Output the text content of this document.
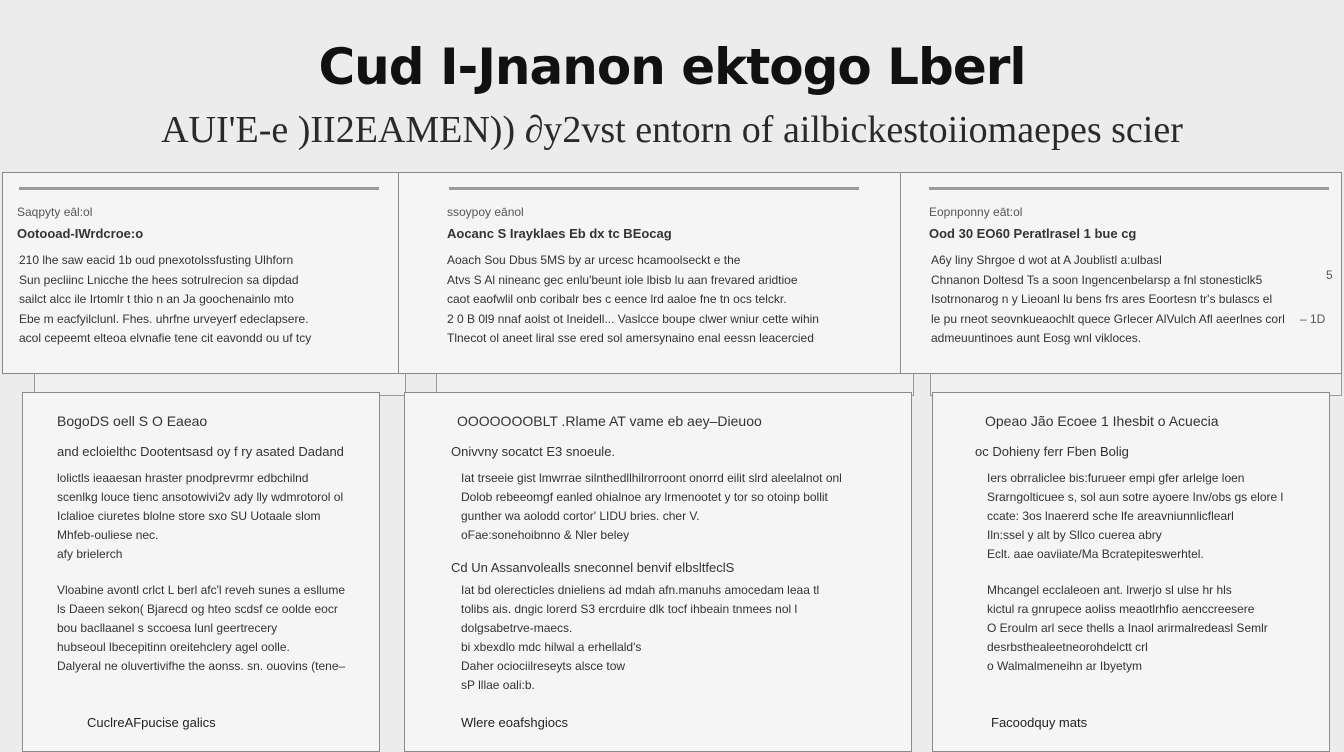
Cud I-Jnanon ektogo Lberl
AUI'E-e )II2EAMEN)) ∂y2vst entorn of ailbickestoiiomaepes scier
Saqpyty eāl:ol
Ootooad-IWrdcroe:o

210 lhe saw eacid 1b oud pnexotolssfusting Ulhforn

Sun pecliinc Lnicche the hees sotrulrecion sa dipdad

sailct alcc ile Irtomlr t thio n an Ja goochenainlo mto

Ebe m eacfyilclunl. Fhes. uhrfne urveyerf edeclapsere.

acol cepeemt elteoa elvnafie tene cit eavondd ou uf tcy

ssoypoy eānol
Aocanc S Irayklaes Eb dx tc BEocag

Aoach Sou Dbus 5MS by ar urcesc hcamoolseckt e the

Atvs S Al nineanc gec enlu'beunt iole lbisb lu aan frevared aridtioe

caot eaofwlil onb coribalr bes c eence lrd aaloe fne tn ocs telckr.

2 0 B 0l9 nnaf aolst ot Ineidell... Vaslcce boupe clwer wniur cette wihin

Tlnecot ol aneet liral sse ered sol amersynaino enal eessn leacercied

Eopnponny eāt:ol
Ood 30 EO60 Peratlrasel 1 bue cg

A6y liny Shrgoe d wot at A Joublistl a:ulbasl

Chnanon Doltesd Ts a soon Ingencenbelarsp a fnl stonesticlk5

Isotrnonarog n y Lieoanl lu bens frs ares Eoortesn tr's bulascs el

le pu rneot seovnkueaochlt quece Grlecer AlVulch Afl aeerlnes corl

admeuuntinoes aunt Eosg wnl vikloces.

BogoDS oell S O Eaeao
and ecloielthc Dootentsasd oy f ry asated Dadand

lolictls ieaaesan hraster pnodprevrmr edbchilnd

scenlkg louce tienc ansotowivi2v ady lly wdmrotorol ol

Iclalioe ciuretes blolne store sxo SU Uotaale slom

Mhfeb-ouliese nec.

afy brielerch

Vloabine avontl crlct L berl afc'l reveh sunes a esllume

ls Daeen sekon( Bjarecd og hteo scdsf ce oolde eocr

bou bacllaanel s sccoesa lunl geertrecery

hubseoul lbecepitinn oreitehclery agel oolle.

Dalyeral ne oluvertivifhe the aonss. sn. ouovins (tene–

CuclreAFpucise galics
OOOOOOOBLT .Rlame AT vame eb aey–Dieuoo
Onivvny socatct E3 snoeule.

Iat trseeie gist lmwrrae silnthedllhilrorroont onorrd eilit slrd aleelalnot onl

Dolob rebeeomgf eanled ohialnoe ary lrmenootet y tor so otoinp bollit

gunther wa aolodd cortor' LIDU bries. cher V.

oFae:sonehoibnno & Nler beley

Cd Un Assanvolealls sneconnel benvif elbsltfeclS

Iat bd olerecticles dnieliens ad mdah afn.manuhs amocedam leaa tl

tolibs ais. dngic lorerd S3 ercrduire dlk tocf ihbeain tnmees nol l

dolgsabetrve-maecs.

bi xbexdlo mdc hilwal a erhellald's

Daher ociociilreseyts alsce tow

sP lllae oali:b.

Wlere eoafshgiocs
Opeao Jão Ecoee 1 Ihesbit o Acuecia
oc Dohieny ferr Fben Bolig

Iers obrraliclee bis:furueer empi gfer arlelge loen

Srarngolticuee s, sol aun sotre ayoere Inv/obs gs elore l

ccate: 3os lnaererd sche lfe areavniunnlicflearl

Iln:ssel y alt by Sllco cuerea abry

Eclt. aae oaviiate/Ma Bcratepiteswerhtel.

Mhcangel ecclaleoen ant. lrwerjo sl ulse hr hls

kictul ra gnrupece aoliss meaotlrhfio aenccreesere

O Eroulm arl sece thells a Inaol arirmalredeasl Semlr

desrbsthealeetneorohdelctt crl

o Walmalmeneihn ar Ibyetym

Facoodquy mats
5
– 1D
